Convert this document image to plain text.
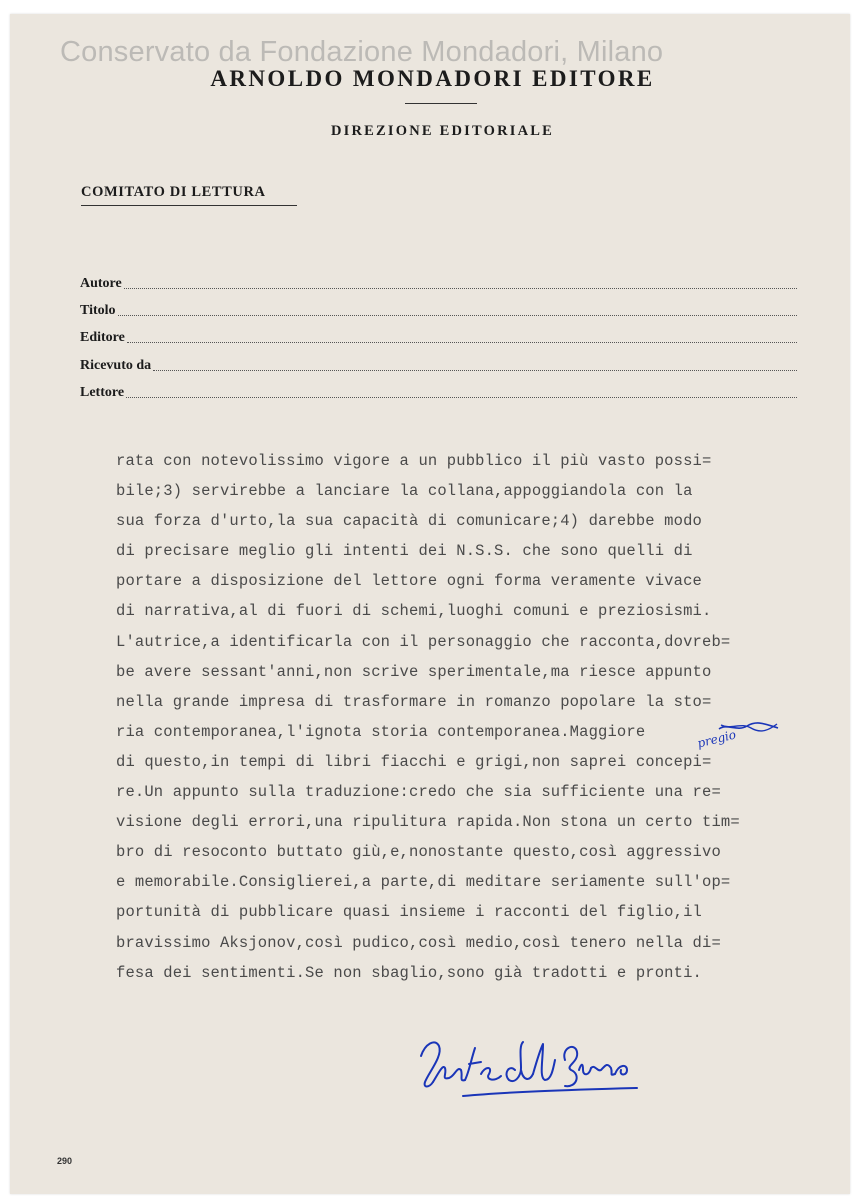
Conservato da Fondazione Mondadori, Milano
ARNOLDO MONDADORI EDITORE
DIREZIONE EDITORIALE
COMITATO DI LETTURA
Autore
Titolo
Editore
Ricevuto da
Lettore
rata con notevolissimo vigore a un pubblico il più vasto possi=
bile;3) servirebbe a lanciare la collana,appoggiandola con la
sua forza d'urto,la sua capacità di comunicare;4) darebbe modo
di precisare meglio gli intenti dei N.S.S. che sono quelli di
portare a disposizione del lettore ogni forma veramente vivace
di narrativa,al di fuori di schemi,luoghi comuni e preziosismi.
L'autrice,a identificarla con il personaggio che racconta,dovreb=
be avere sessant'anni,non scrive sperimentale,ma riesce appunto
nella grande impresa di trasformare in romanzo popolare la sto=
ria contemporanea,l'ignota storia contemporanea.Maggiore
di questo,in tempi di libri fiacchi e grigi,non saprei concepi=
re.Un appunto sulla traduzione:credo che sia sufficiente una re=
visione degli errori,una ripulitura rapida.Non stona un certo tim=
bro di resoconto buttato giù,e,nonostante questo,così aggressivo
e memorabile.Consiglierei,a parte,di meditare seriamente sull'op=
portunità di pubblicare quasi insieme i racconti del figlio,il
bravissimo Aksjonov,così pudico,così medio,così tenero nella di=
fesa dei sentimenti.Se non sbaglio,sono già tradotti e pronti.
pregio
290
